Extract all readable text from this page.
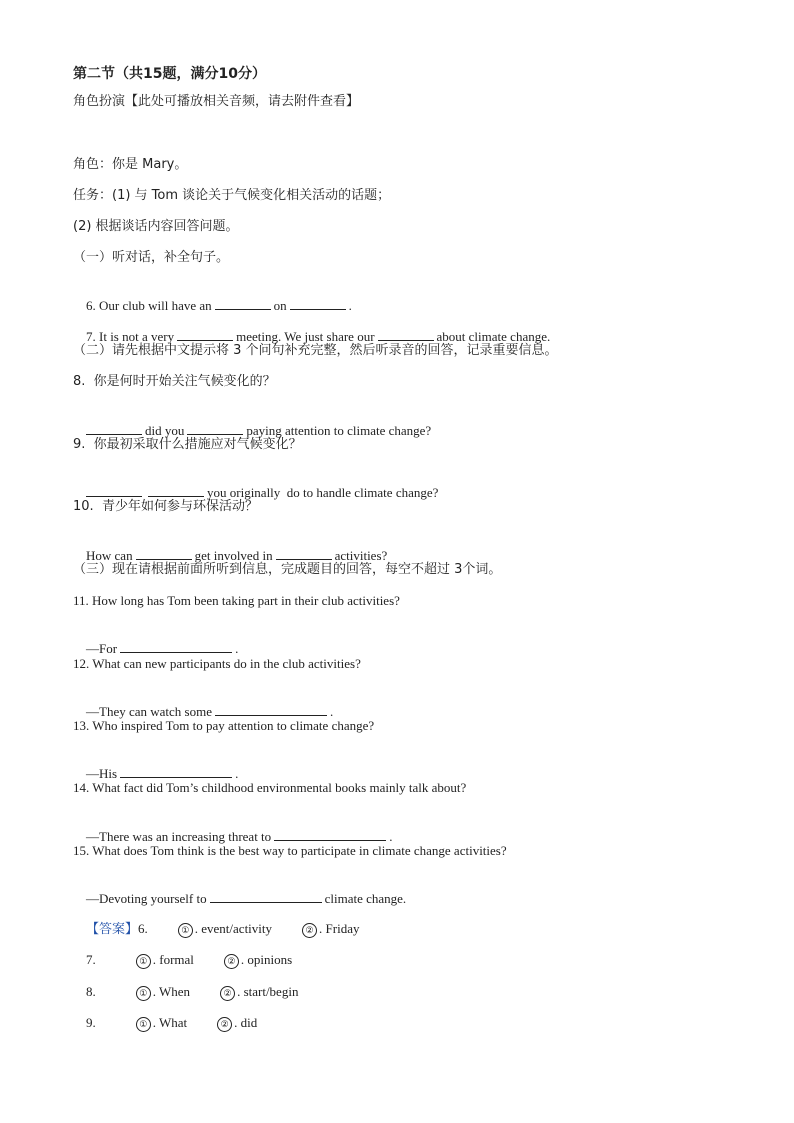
第二节（共15题，满分10分）
角色扮演【此处可播放相关音频，请去附件查看】
角色：你是 Mary。
任务：(1) 与 Tom 谈论关于气候变化相关活动的话题；
(2) 根据谈话内容回答问题。
（一）听对话，补全句子。

6. Our club will have an	on	.

7. It is not a very	meeting. We just share our	about climate change.

（二）请先根据中文提示将 3 个问句补充完整，然后听录音的回答，记录重要信息。
8.  你是何时开始关注气候变化的？

did you	paying attention to climate change?

9.  你最初采取什么措施应对气候变化？

you originally  do to handle climate change?

10.  青少年如何参与环保活动？

How can	get involved in	activities?

（三）现在请根据前面所听到信息，完成题目的回答，每空不超过 3个词。
11. How long has Tom been taking part in their club activities?

—For	.

12. What can new participants do in the club activities?

—They can watch some	.

13. Who inspired Tom to pay attention to climate change?

—His	.

14. What fact did Tom’s childhood environmental books mainly talk about?

—There was an increasing threat to	.

15. What does Tom think is the best way to participate in climate change activities?

—Devoting yourself to	climate change.

【答案】6.	① . event/activity	② . Friday

7.	① . formal	② . opinions

8.	① . When	② . start/begin

9.	① . What	② . did
